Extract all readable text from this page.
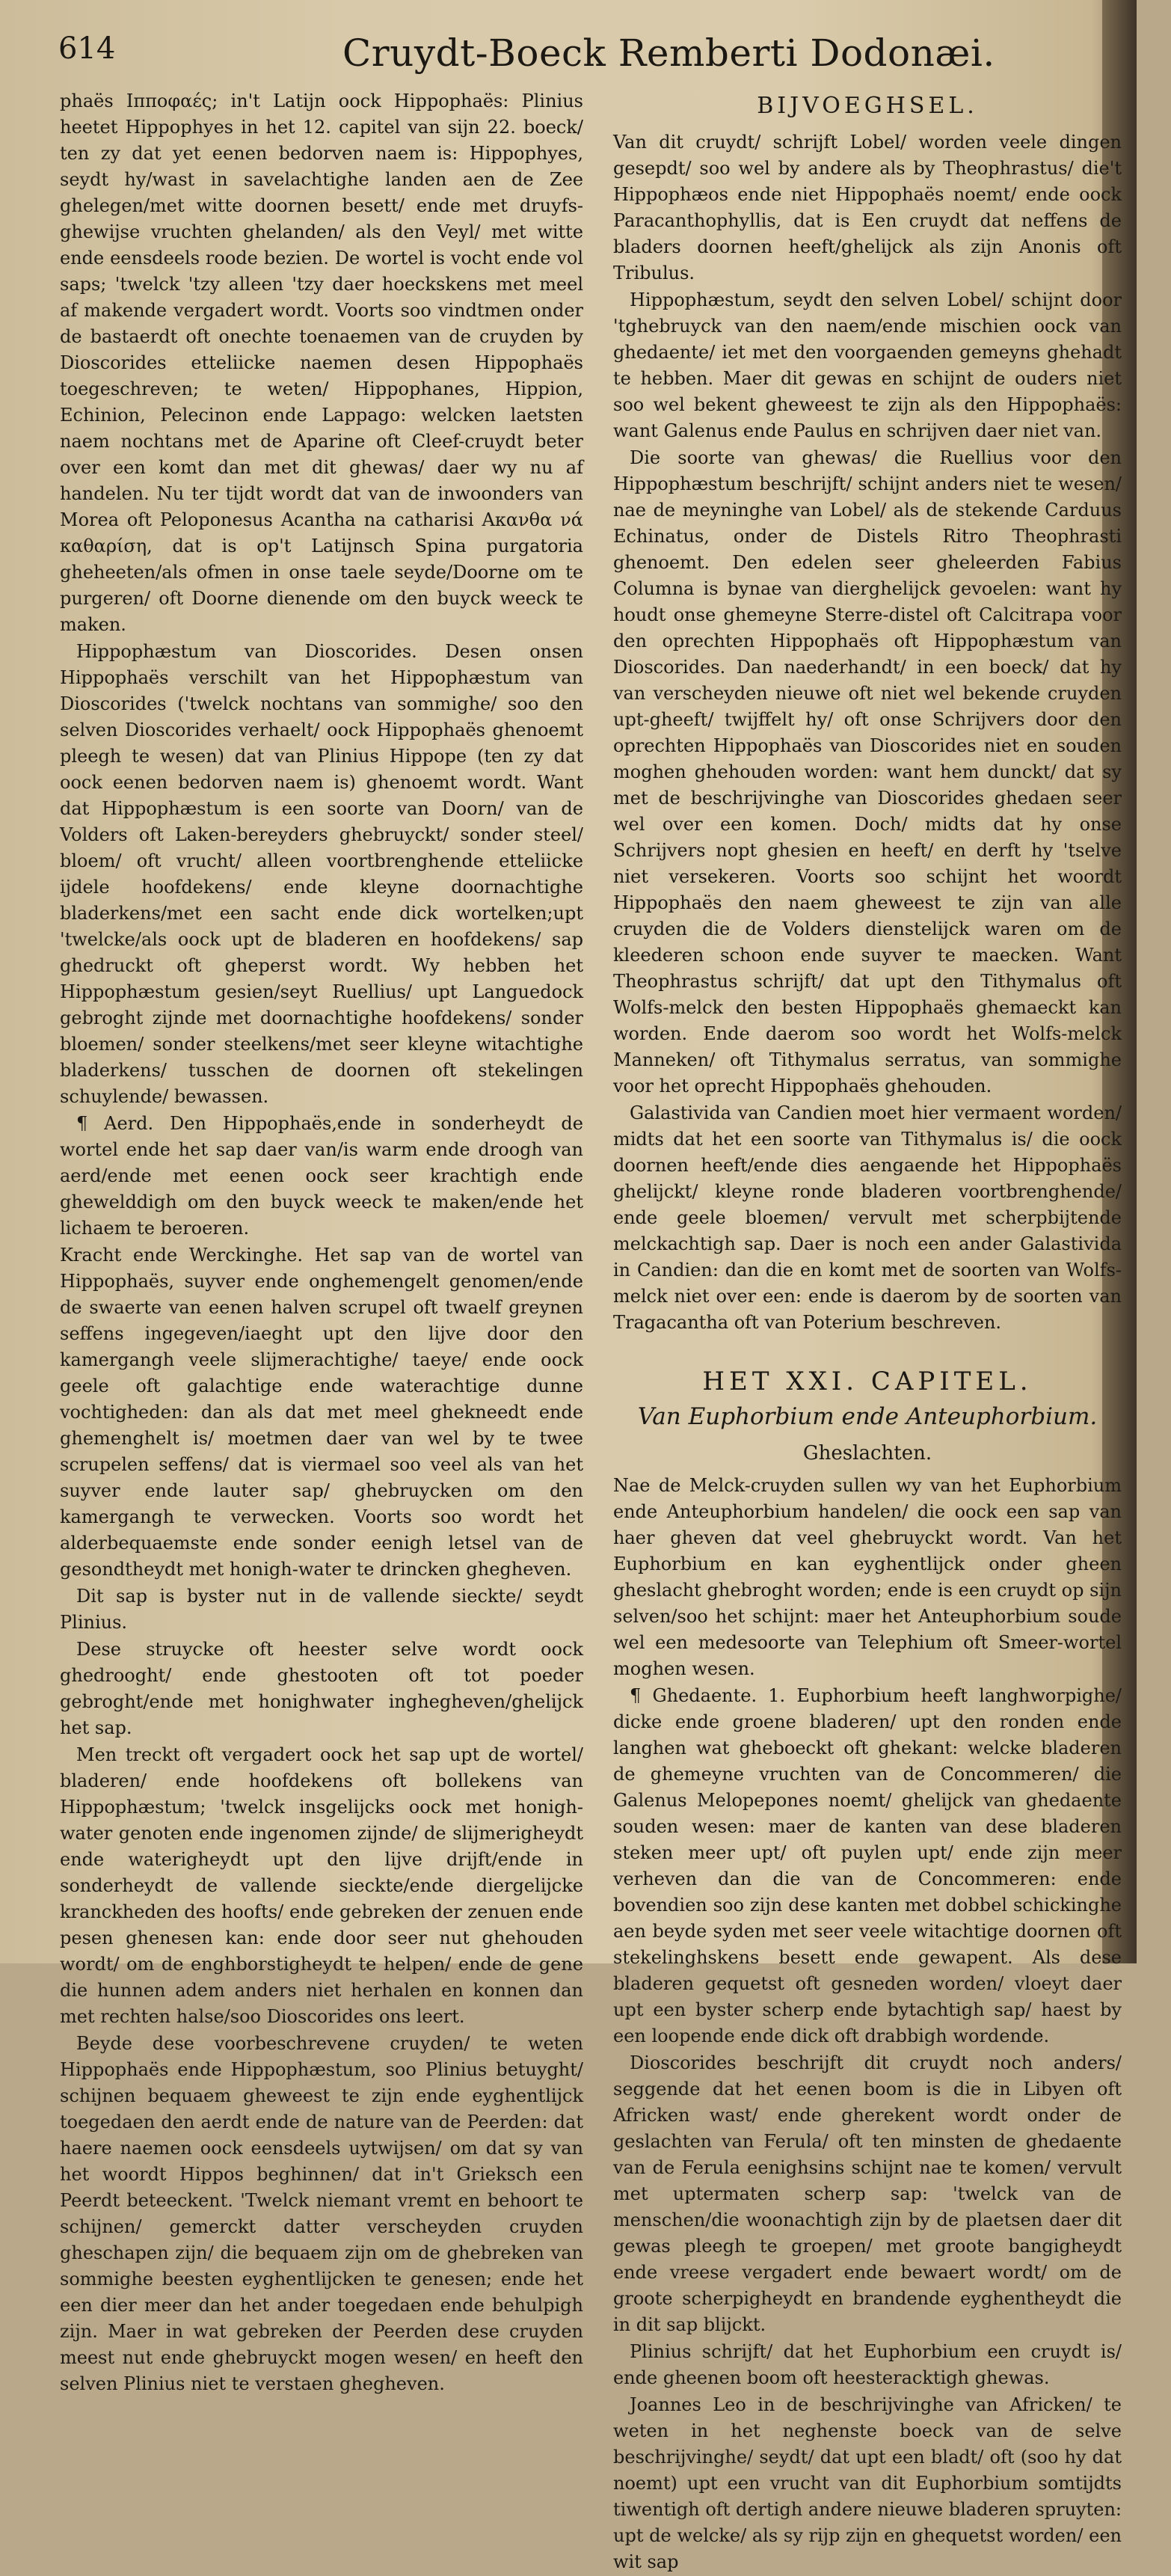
614	Cruydt-Boeck Remberti Dodonæi.

phaës Ιππoφαές; in't Latijn oock Hippophaës: Plinius heetet Hippophyes in het 12. capitel van sijn 22. boeck/ ten zy dat yet eenen bedorven naem is: Hippophyes, seydt hy/wast in savelachtighe landen aen de Zee ghelegen/met witte doornen besett/ ende met druyfs-ghewijse vruchten ghelanden/ als den Veyl/ met witte ende eensdeels roode bezien. De wortel is vocht ende vol saps; 'twelck 'tzy alleen 'tzy daer hoeckskens met meel af makende vergadert wordt. Voorts soo vindtmen onder de bastaerdt oft onechte toenaemen van de cruyden by Dioscorides etteliicke naemen desen Hippophaës toegeschreven; te weten/ Hippophanes, Hippion, Echinion, Pelecinon ende Lappago: welcken laetsten naem nochtans met de Aparine oft Cleef-cruydt beter over een komt dan met dit ghewas/ daer wy nu af handelen. Nu ter tijdt wordt dat van de inwoonders van Morea oft Peloponesus Acantha na catharisi Ακανθα νά καθαρίση, dat is op't Latijnsch Spina purgatoria gheheeten/als ofmen in onse taele seyde/Doorne om te purgeren/ oft Doorne dienende om den buyck weeck te maken.

Hippophæstum van Dioscorides. Desen onsen Hippophaës verschilt van het Hippophæstum van Dioscorides ('twelck nochtans van sommighe/ soo den selven Dioscorides verhaelt/ oock Hippophaës ghenoemt pleegh te wesen) dat van Plinius Hippope (ten zy dat oock eenen bedorven naem is) ghenoemt wordt. Want dat Hippophæstum is een soorte van Doorn/ van de Volders oft Laken-bereyders ghebruyckt/ sonder steel/ bloem/ oft vrucht/ alleen voortbrenghende etteliicke ijdele hoofdekens/ ende kleyne doornachtighe bladerkens/met een sacht ende dick wortelken;upt 'twelcke/als oock upt de bladeren en hoofdekens/ sap ghedruckt oft gheperst wordt. Wy hebben het Hippophæstum gesien/seyt Ruellius/ upt Languedock gebroght zijnde met doornachtighe hoofdekens/ sonder bloemen/ sonder steelkens/met seer kleyne witachtighe bladerkens/ tusschen de doornen oft stekelingen schuylende/ bewassen.

¶ Aerd. Den Hippophaës,ende in sonderheydt de wortel ende het sap daer van/is warm ende droogh van aerd/ende met eenen oock seer krachtigh ende ghewelddigh om den buyck weeck te maken/ende het lichaem te beroeren.

Kracht ende Werckinghe. Het sap van de wortel van Hippophaës, suyver ende onghemengelt genomen/ende de swaerte van eenen halven scrupel oft twaelf greynen seffens ingegeven/iaeght upt den lijve door den kamergangh veele slijmerachtighe/ taeye/ ende oock geele oft galachtige ende waterachtige dunne vochtigheden: dan als dat met meel ghekneedt ende ghemenghelt is/ moetmen daer van wel by te twee scrupelen seffens/ dat is viermael soo veel als van het suyver ende lauter sap/ ghebruycken om den kamergangh te verwecken. Voorts soo wordt het alderbequaemste ende sonder eenigh letsel van de gesondtheydt met honigh-water te drincken ghegheven.

Dit sap is byster nut in de vallende sieckte/ seydt Plinius.

Dese struycke oft heester selve wordt oock ghedrooght/ ende ghestooten oft tot poeder gebroght/ende met honighwater ingheghevеn/ghelijck het sap.

Men treckt oft vergadert oock het sap upt de wortel/ bladeren/ ende hoofdekens oft bollekens van Hippophæstum; 'twelck insgelijcks oock met honigh-water genoten ende ingenomen zijnde/ de slijmerigheydt ende waterigheydt upt den lijve drijft/ende in sonderheydt de vallende sieckte/ende diergelijcke kranckheden des hoofts/ ende gebreken der zenuen ende pesen ghenesen kan: ende door seer nut ghehouden wordt/ om de enghborstigheydt te helpen/ ende de gene die hunnen adem anders niet herhalen en konnen dan met rechten halse/soo Dioscorides ons leert.

Beyde dese voorbeschrevene cruyden/ te weten Hippophaës ende Hippophæstum, soo Plinius betuyght/ schijnen bequaem gheweest te zijn ende eyghentlijck toegedaen den aerdt ende de nature van de Peerden: dat haere naemen oock eensdeels uytwijsen/ om dat sy van het woordt Hippos beghinnen/ dat in't Grieksch een Peerdt beteeckent. 'Twelck niemant vremt en behoort te schijnen/ gemerckt datter verscheyden cruyden gheschapen zijn/ die bequaem zijn om de ghebreken van sommighe beesten eyghentlijcken te genesen; ende het een dier meer dan het ander toegedaen ende behulpigh zijn. Maer in wat gebreken der Peerden dese cruyden meest nut ende ghebruyckt mogen wesen/ en heeft den selven Plinius niet te verstaen ghegheven.

BIJVOEGHSEL.

Van dit cruydt/ schrijft Lobel/ worden veele dingen gesepdt/ soo wel by andere als by Theophrastus/ die't Hippophæos ende niet Hippophaës noemt/ ende oock Paracanthophyllis, dat is Een cruydt dat neffens de bladers doornen heeft/ghelijck als zijn Anonis oft Tribulus.

Hippophæstum, seydt den selven Lobel/ schijnt door 'tghebruyck van den naem/ende mischien oock van ghedaente/ iet met den voorgaenden gemeyns ghehadt te hebben. Maer dit gewas en schijnt de ouders niet soo wel bekent gheweest te zijn als den Hippophaës: want Galenus ende Paulus en schrijven daer niet van.

Die soorte van ghewas/ die Ruellius voor den Hippophæstum beschrijft/ schijnt anders niet te wesen/ nae de meyninghe van Lobel/ als de stekende Carduus Echinatus, onder de Distels Ritro Theophrasti ghenoemt. Den edelen seer gheleerden Fabius Columna is bynae van dierghelijck gevoelen: want hy houdt onse ghemeyne Sterre-distel oft Calcitrapa voor den oprechten Hippophaës oft Hippophæstum van Dioscorides. Dan naederhandt/ in een boeck/ dat hy van verscheyden nieuwe oft niet wel bekende cruyden upt-gheeft/ twijffelt hy/ oft onse Schrijvers door den oprechten Hippophaës van Dioscorides niet en souden moghen ghehouden worden: want hem dunckt/ dat sy met de beschrijvinghe van Dioscorides ghedaen seer wel over een komen. Doch/ midts dat hy onse Schrijvers nopt ghesien en heeft/ en derft hy 'tselve niet versekeren. Voorts soo schijnt het woordt Hippophaës den naem gheweest te zijn van alle cruyden die de Volders dienstelijck waren om de kleederen schoon ende suyver te maecken. Want Theophrastus schrijft/ dat upt den Tithymalus oft Wolfs-melck den besten Hippophaës ghemaeckt kan worden. Ende daerom soo wordt het Wolfs-melck Manneken/ oft Tithymalus serratus, van sommighe voor het oprecht Hippophaës ghehouden.

Galastivida van Candien moet hier vermaent worden/ midts dat het een soorte van Tithymalus is/ die oock doornen heeft/ende dies aengaende het Hippophaës ghelijckt/ kleyne ronde bladeren voortbrenghende/ ende geele bloemen/ vervult met scherpbijtende melckachtigh sap. Daer is noch een ander Galastivida in Candien: dan die en komt met de soorten van Wolfs-melck niet over een: ende is daerom by de soorten van Tragacantha oft van Poterium beschreven.

HET XXI. CAPITEL.
Van Euphorbium ende Anteuphorbium.
Gheslachten.

Nae de Melck-cruyden sullen wy van het Euphorbium ende Anteuphorbium handelen/ die oock een sap van haer gheven dat veel ghebruyckt wordt. Van het Euphorbium en kan eyghentlijck onder gheen gheslacht ghebroght worden; ende is een cruydt op sijn selven/soo het schijnt: maer het Anteuphorbium soude wel een medesoorte van Telephium oft Smeer-wortel moghen wesen.

¶ Ghedaente. 1. Euphorbium heeft langhworpighe/ dicke ende groene bladeren/ upt den ronden ende langhen wat gheboeckt oft ghekant: welcke bladeren de ghemeyne vruchten van de Concommeren/ die Galenus Melopepones noemt/ ghelijck van ghedaente souden wesen: maer de kanten van dese bladeren steken meer upt/ oft puylen upt/ ende zijn meer verheven dan die van de Concommeren: ende bovendien soo zijn dese kanten met dobbel schickinghe aen beyde syden met seer veele witachtige doornen oft stekelinghskens besett ende gewapent. Als dese bladeren gequetst oft gesneden worden/ vloeyt daer upt een byster scherp ende bytachtigh sap/ haest by een loopende ende dick oft drabbigh wordende.

Dioscorides beschrijft dit cruydt noch anders/ seggende dat het eenen boom is die in Libyen oft Africken wast/ ende gherekent wordt onder de geslachten van Ferula/ oft ten minsten de ghedaente van de Ferula eenighsins schijnt nae te komen/ vervult met uptermaten scherp sap: 'twelck van de menschen/die woonachtigh zijn by de plaetsen daer dit gewas pleegh te groepen/ met groote bangigheydt ende vreese vergadert ende bewaert wordt/ om de groote scherpigheydt en brandende eyghentheydt die in dit sap blijckt.

Plinius schrijft/ dat het Euphorbium een cruydt is/ ende gheenen boom oft heesteracktigh ghewas.

Joannes Leo in de beschrijvinghe van Africken/ te weten in het neghenste boeck van de selve beschrijvinghe/ seydt/ dat upt een bladt/ oft (soo hy dat noemt) upt een vrucht van dit Euphorbium somtijdts tiwentigh oft dertigh andere nieuwe bladeren spruyten: upt de welcke/ als sy rijp zijn en ghequetst worden/ een wit sap
